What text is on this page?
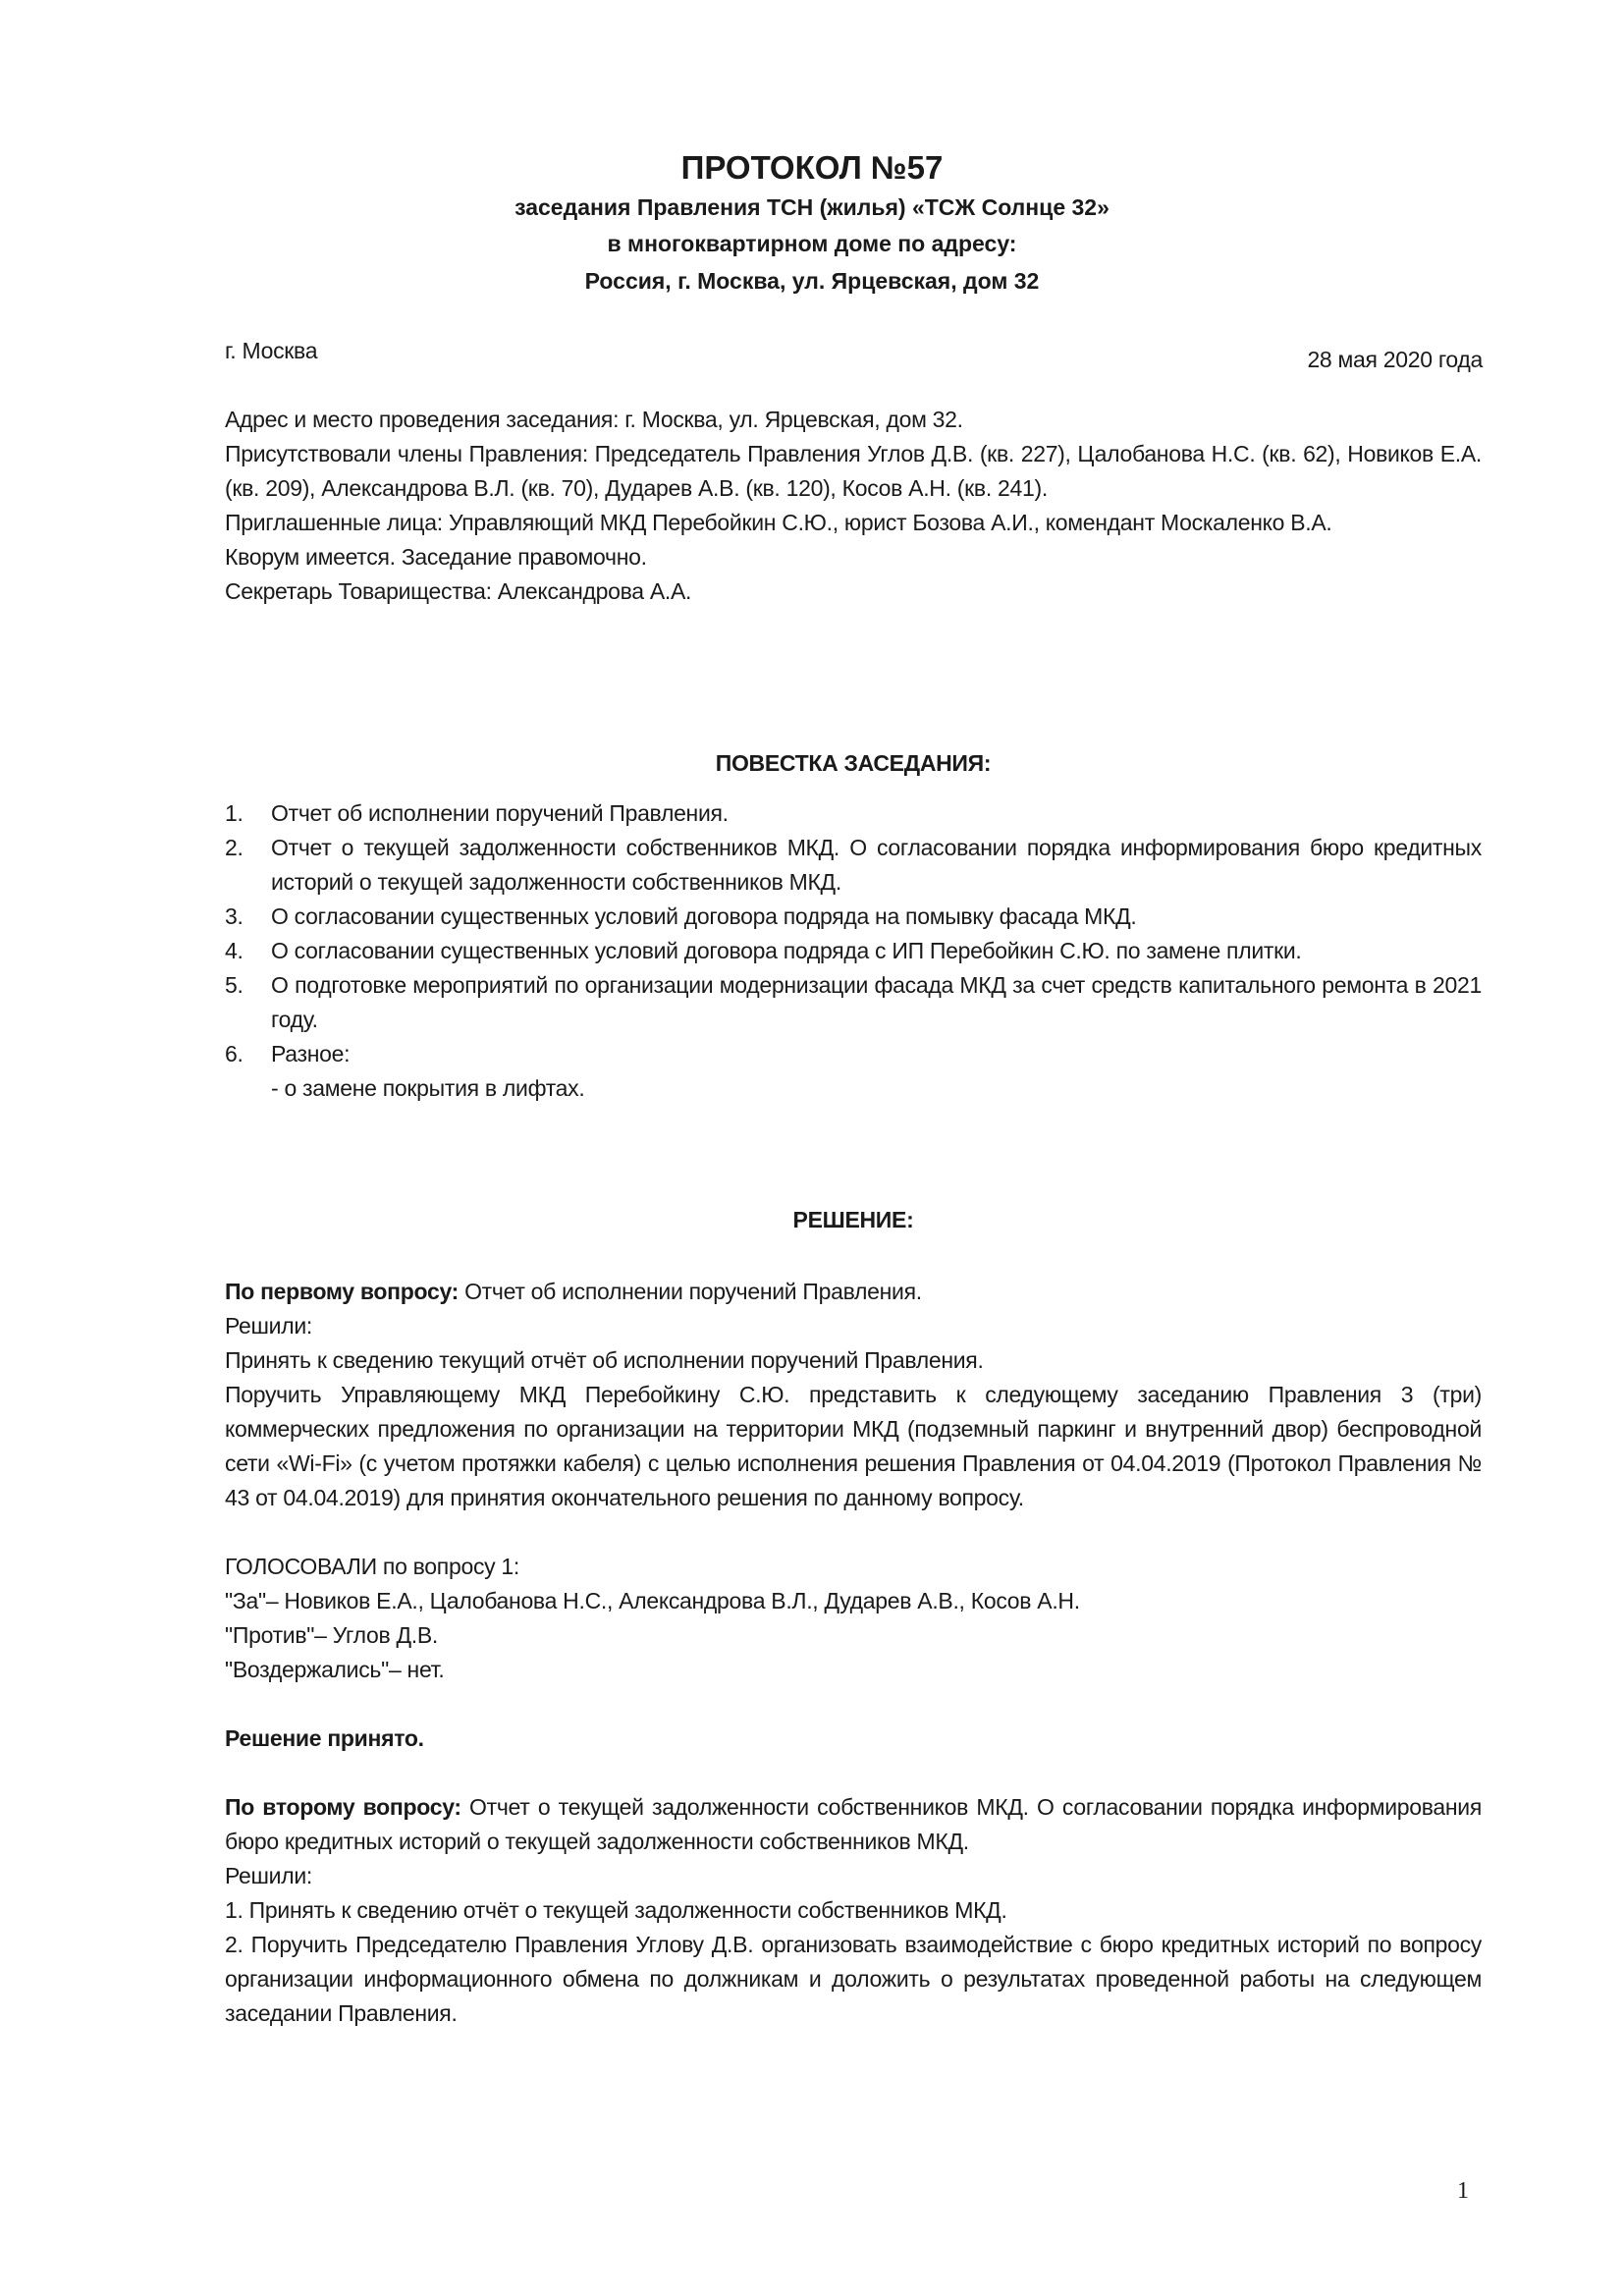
ПРОТОКОЛ №57
заседания Правления ТСН (жилья) «ТСЖ Солнце 32»
в многоквартирном доме по адресу:
Россия, г. Москва, ул. Ярцевская, дом 32
г. Москва	28 мая 2020 года

Адрес и место проведения заседания: г. Москва, ул. Ярцевская, дом 32.

Присутствовали члены Правления: Председатель Правления Углов Д.В. (кв. 227), Цалобанова Н.С. (кв. 62), Новиков Е.А. (кв. 209), Александрова В.Л. (кв. 70), Дударев А.В. (кв. 120), Косов А.Н. (кв. 241).

Приглашенные лица: Управляющий МКД Перебойкин С.Ю., юрист Бозова А.И., комендант Москаленко В.А.

Кворум имеется. Заседание правомочно.

Секретарь Товарищества: Александрова А.А.

ПОВЕСТКА ЗАСЕДАНИЯ:

1. Отчет об исполнении поручений Правления.
2. Отчет о текущей задолженности собственников МКД. О согласовании порядка информирования бюро кредитных историй о текущей задолженности собственников МКД.
3. О согласовании существенных условий договора подряда на помывку фасада МКД.
4. О согласовании существенных условий договора подряда с ИП Перебойкин С.Ю. по замене плитки.
5. О подготовке мероприятий по организации модернизации фасада МКД за счет средств капитального ремонта в 2021 году.
6. Разное:
- о замене покрытия в лифтах.

РЕШЕНИЕ:

По первому вопросу: Отчет об исполнении поручений Правления.

Решили:

Принять к сведению текущий отчёт об исполнении поручений Правления.

Поручить Управляющему МКД Перебойкину С.Ю. представить к следующему заседанию Правления 3 (три) коммерческих предложения по организации на территории МКД (подземный паркинг и внутренний двор) беспроводной сети «Wi-Fi» (с учетом протяжки кабеля) с целью исполнения решения Правления от 04.04.2019 (Протокол Правления № 43 от 04.04.2019) для принятия окончательного решения по данному вопросу.

ГОЛОСОВАЛИ по вопросу 1:

"За"– Новиков Е.А., Цалобанова Н.С., Александрова В.Л., Дударев А.В., Косов А.Н.

"Против"– Углов Д.В.

"Воздержались"– нет.

Решение принято.

По второму вопросу: Отчет о текущей задолженности собственников МКД. О согласовании порядка информирования бюро кредитных историй о текущей задолженности собственников МКД.

Решили:

1. Принять к сведению отчёт о текущей задолженности собственников МКД.

2. Поручить Председателю Правления Углову Д.В. организовать взаимодействие с бюро кредитных историй по вопросу организации информационного обмена по должникам и доложить о результатах проведенной работы на следующем заседании Правления.

1
